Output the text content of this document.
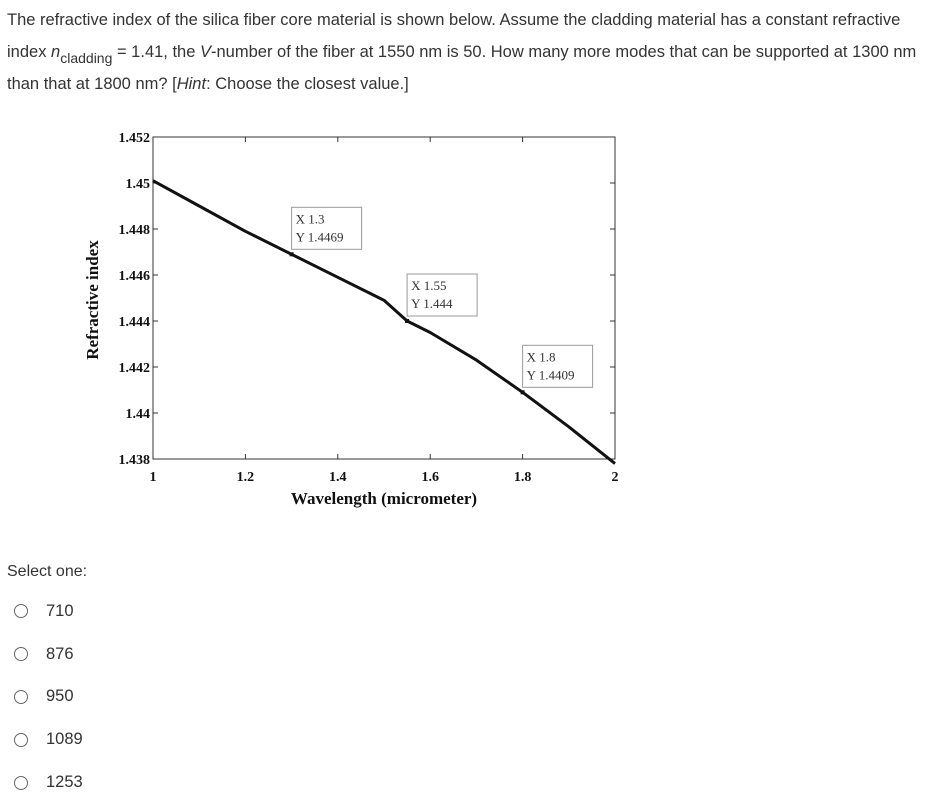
The refractive index of the silica fiber core material is shown below. Assume the cladding material has a constant refractive index $n_{cladding} = 1.41$, the V-number of the fiber at 1550 nm is 50. How many more modes that can be supported at 1300 nm than that at 1800 nm? [Hint: Choose the closest value.]
1.438
1.44
1.442
1.444
1.446
1.448
1.45
1.452
1	1.2	1.4	1.6	1.8	2
Wavelength (micrometer)
Refractive index
X 1.3
Y 1.4469
X 1.55
Y 1.444
X 1.8
Y 1.4409
Select one:
710
876
950
1089
1253
